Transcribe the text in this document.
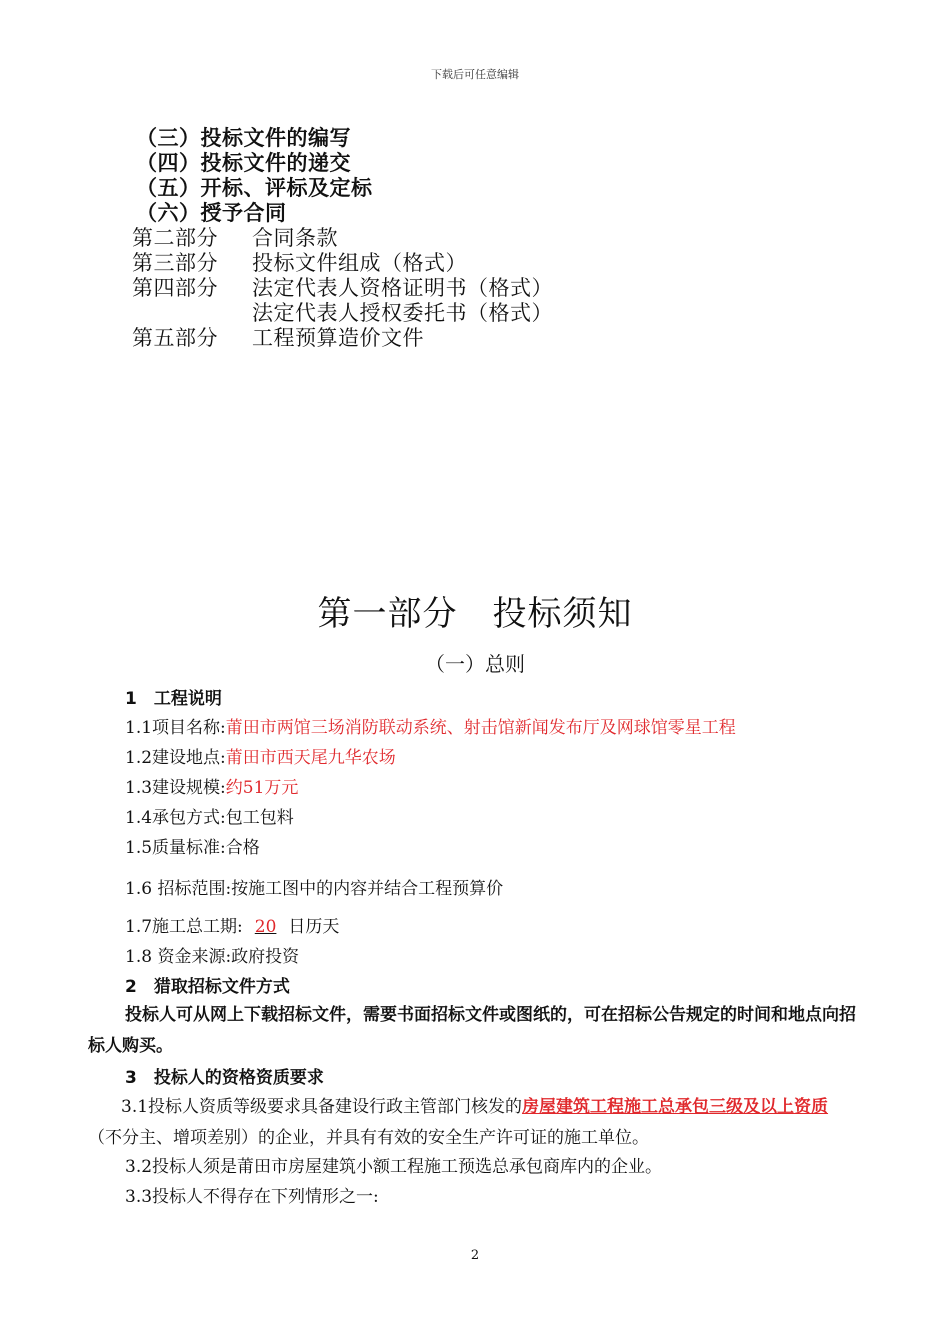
下载后可任意编辑
（三）投标文件的编写
（四）投标文件的递交
（五）开标、评标及定标
（六）授予合同
第二部分 合同条款
第三部分 投标文件组成（格式）
第四部分 法定代表人资格证明书（格式）
法定代表人授权委托书（格式）
第五部分 工程预算造价文件
第一部分　投标须知
（一）总则
1　工程说明
1.1项目名称:莆田市两馆三场消防联动系统、射击馆新闻发布厅及网球馆零星工程
1.2建设地点:莆田市西天尾九华农场
1.3建设规模:约51万元
1.4承包方式:包工包料
1.5质量标准:合格
1.6 招标范围:按施工图中的内容并结合工程预算价
1.7施工总工期: 20 日历天
1.8 资金来源:政府投资
2　猎取招标文件方式
投标人可从网上下载招标文件，需要书面招标文件或图纸的，可在招标公告规定的时间和地点向招标人购买。
3　投标人的资格资质要求
3.1投标人资质等级要求具备建设行政主管部门核发的房屋建筑工程施工总承包三级及以上资质（不分主、增项差别）的企业，并具有有效的安全生产许可证的施工单位。
3.2投标人须是莆田市房屋建筑小额工程施工预选总承包商库内的企业。
3.3投标人不得存在下列情形之一:
2
